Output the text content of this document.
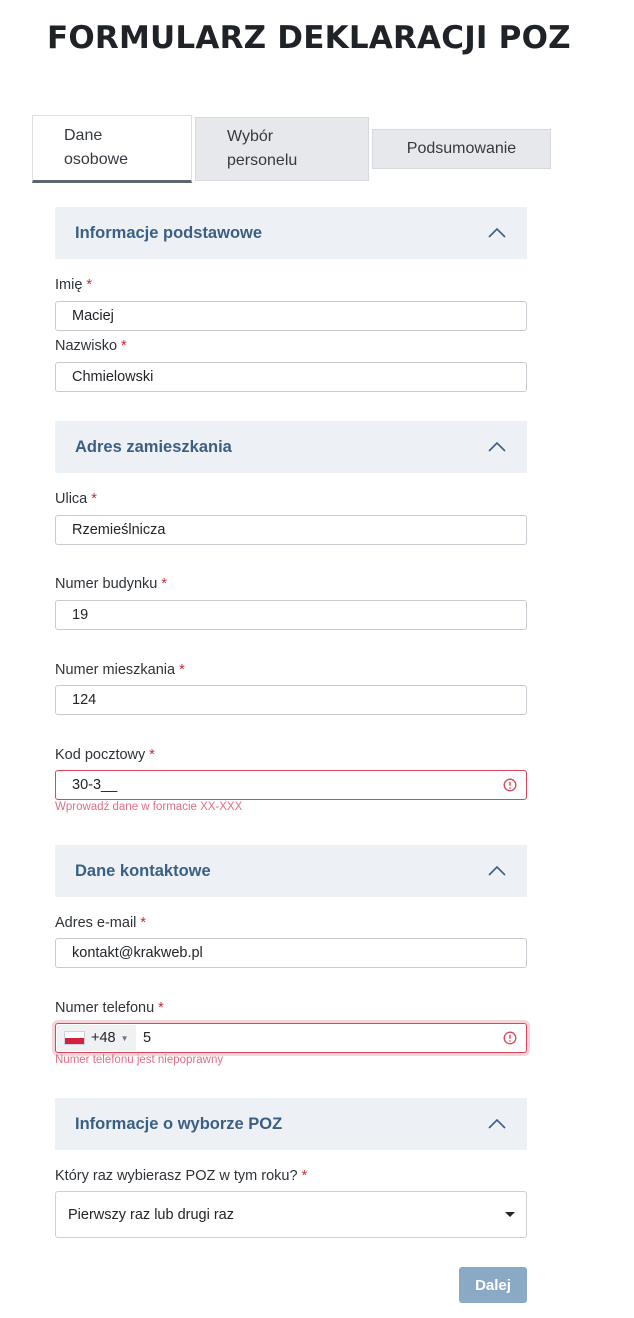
FORMULARZ DEKLARACJI POZ
Dane
osobowe
Wybór
personelu
Podsumowanie
Informacje podstawowe
Imię *
Maciej
Nazwisko *
Chmielowski
Adres zamieszkania
Ulica *
Rzemieślnicza
Numer budynku *
19
Numer mieszkania *
124
Kod pocztowy *
30-3__
Wprowadź dane w formacie XX-XXX
Dane kontaktowe
Adres e-mail *
kontakt@krakweb.pl
Numer telefonu *
+48 ▼ 5
Numer telefonu jest niepoprawny
Informacje o wyborze POZ
Który raz wybierasz POZ w tym roku? *
Pierwszy raz lub drugi raz
Dalej
